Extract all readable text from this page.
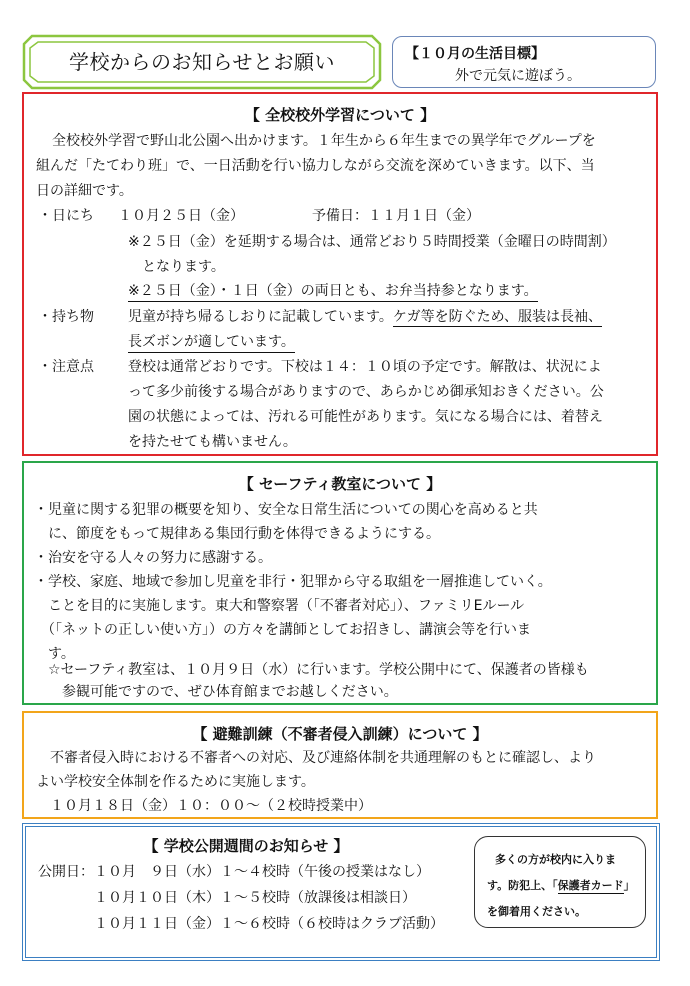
学校からのお知らせとお願い	【１０月の生活目標】
外で元気に遊ぼう。
【 全校校外学習について 】
全校校外学習で野山北公園へ出かけます。１年生から６年生までの異学年でグループを
組んだ「たてわり班」で、一日活動を行い協力しながら交流を深めていきます。以下、当
日の詳細です。
・日にち １０月２５日（金）	予備日：１１月１日（金）
※２５日（金）を延期する場合は、通常どおり５時間授業（金曜日の時間割）
となります。
※２５日（金）・１日（金）の両日とも、お弁当持参となります。
・持ち物 児童が持ち帰るしおりに記載しています。ケガ等を防ぐため、服装は長袖、
長ズボンが適しています。
・注意点 登校は通常どおりです。下校は１４：１０頃の予定です。解散は、状況によ
って多少前後する場合がありますので、あらかじめ御承知おきください。公
園の状態によっては、汚れる可能性があります。気になる場合には、着替え
を持たせても構いません。
【 セーフティ教室について 】
・児童に関する犯罪の概要を知り、安全な日常生活についての関心を高めると共
　に、節度をもって規律ある集団行動を体得できるようにする。
・治安を守る人々の努力に感謝する。
・学校、家庭、地域で参加し児童を非行・犯罪から守る取組を一層推進していく。
　ことを目的に実施します。東大和警察署（「不審者対応」）、ファミリEルール
　（「ネットの正しい使い方」）の方々を講師としてお招きし、講演会等を行いま
　す。
　☆セーフティ教室は、１０月９日（水）に行います。学校公開中にて、保護者の皆様も
　　参観可能ですので、ぜひ体育館までお越しください。
【 避難訓練（不審者侵入訓練）について 】
不審者侵入時における不審者への対応、及び連絡体制を共通理解のもとに確認し、より
よい学校安全体制を作るために実施します。
１０月１８日（金）１０：００～（２校時授業中）
【 学校公開週間のお知らせ 】
公開日：１０月　９日（水）１～４校時（午後の授業はなし）
１０月１０日（木）１～５校時（放課後は相談日）
１０月１１日（金）１～６校時（６校時はクラブ活動）
多くの方が校内に入りま
す。防犯上、「保護者カード」
を御着用ください。
